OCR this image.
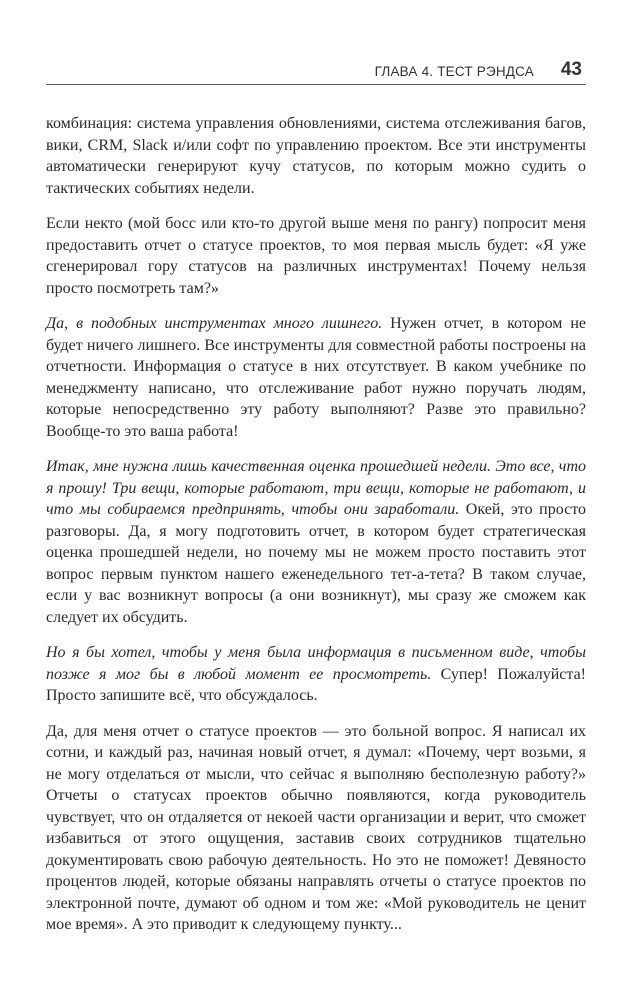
ГЛАВА 4. ТЕСТ РЭНДСА 43

комбинация: система управления обновлениями, система отслеживания багов, вики, CRM, Slack и/или софт по управлению проектом. Все эти инструменты автоматически генерируют кучу статусов, по которым можно судить о тактических событиях недели.

Если некто (мой босс или кто-то другой выше меня по рангу) попросит меня предоставить отчет о статусе проектов, то моя первая мысль будет: «Я уже сгенерировал гору статусов на различных инструментах! Почему нельзя просто посмотреть там?»

Да, в подобных инструментах много лишнего. Нужен отчет, в котором не будет ничего лишнего. Все инструменты для совместной работы построены на отчетности. Информация о статусе в них отсутствует. В каком учебнике по менеджменту написано, что отслеживание работ нужно поручать людям, которые непосредственно эту работу выполняют? Разве это правильно? Вообще-то это ваша работа!

Итак, мне нужна лишь качественная оценка прошедшей недели. Это все, что я прошу! Три вещи, которые работают, три вещи, которые не работают, и что мы собираемся предпринять, чтобы они заработали. Окей, это просто разговоры. Да, я могу подготовить отчет, в котором будет стратегическая оценка прошедшей недели, но почему мы не можем просто поставить этот вопрос первым пунктом нашего еженедельного тет-а-тета? В таком случае, если у вас возникнут вопросы (а они возникнут), мы сразу же сможем как следует их обсудить.

Но я бы хотел, чтобы у меня была информация в письменном виде, чтобы позже я мог бы в любой момент ее просмотреть. Супер! Пожалуйста! Просто запишите всё, что обсуждалось.

Да, для меня отчет о статусе проектов — это больной вопрос. Я написал их сотни, и каждый раз, начиная новый отчет, я думал: «Почему, черт возьми, я не могу отделаться от мысли, что сейчас я выполняю бесполезную работу?» Отчеты о статусах проектов обычно появляются, когда руководитель чувствует, что он отдаляется от некоей части организации и верит, что сможет избавиться от этого ощущения, заставив своих сотрудников тщательно документировать свою рабочую деятельность. Но это не поможет! Девяносто процентов людей, которые обязаны направлять отчеты о статусе проектов по электронной почте, думают об одном и том же: «Мой руководитель не ценит мое время». А это приводит к следующему пункту...
